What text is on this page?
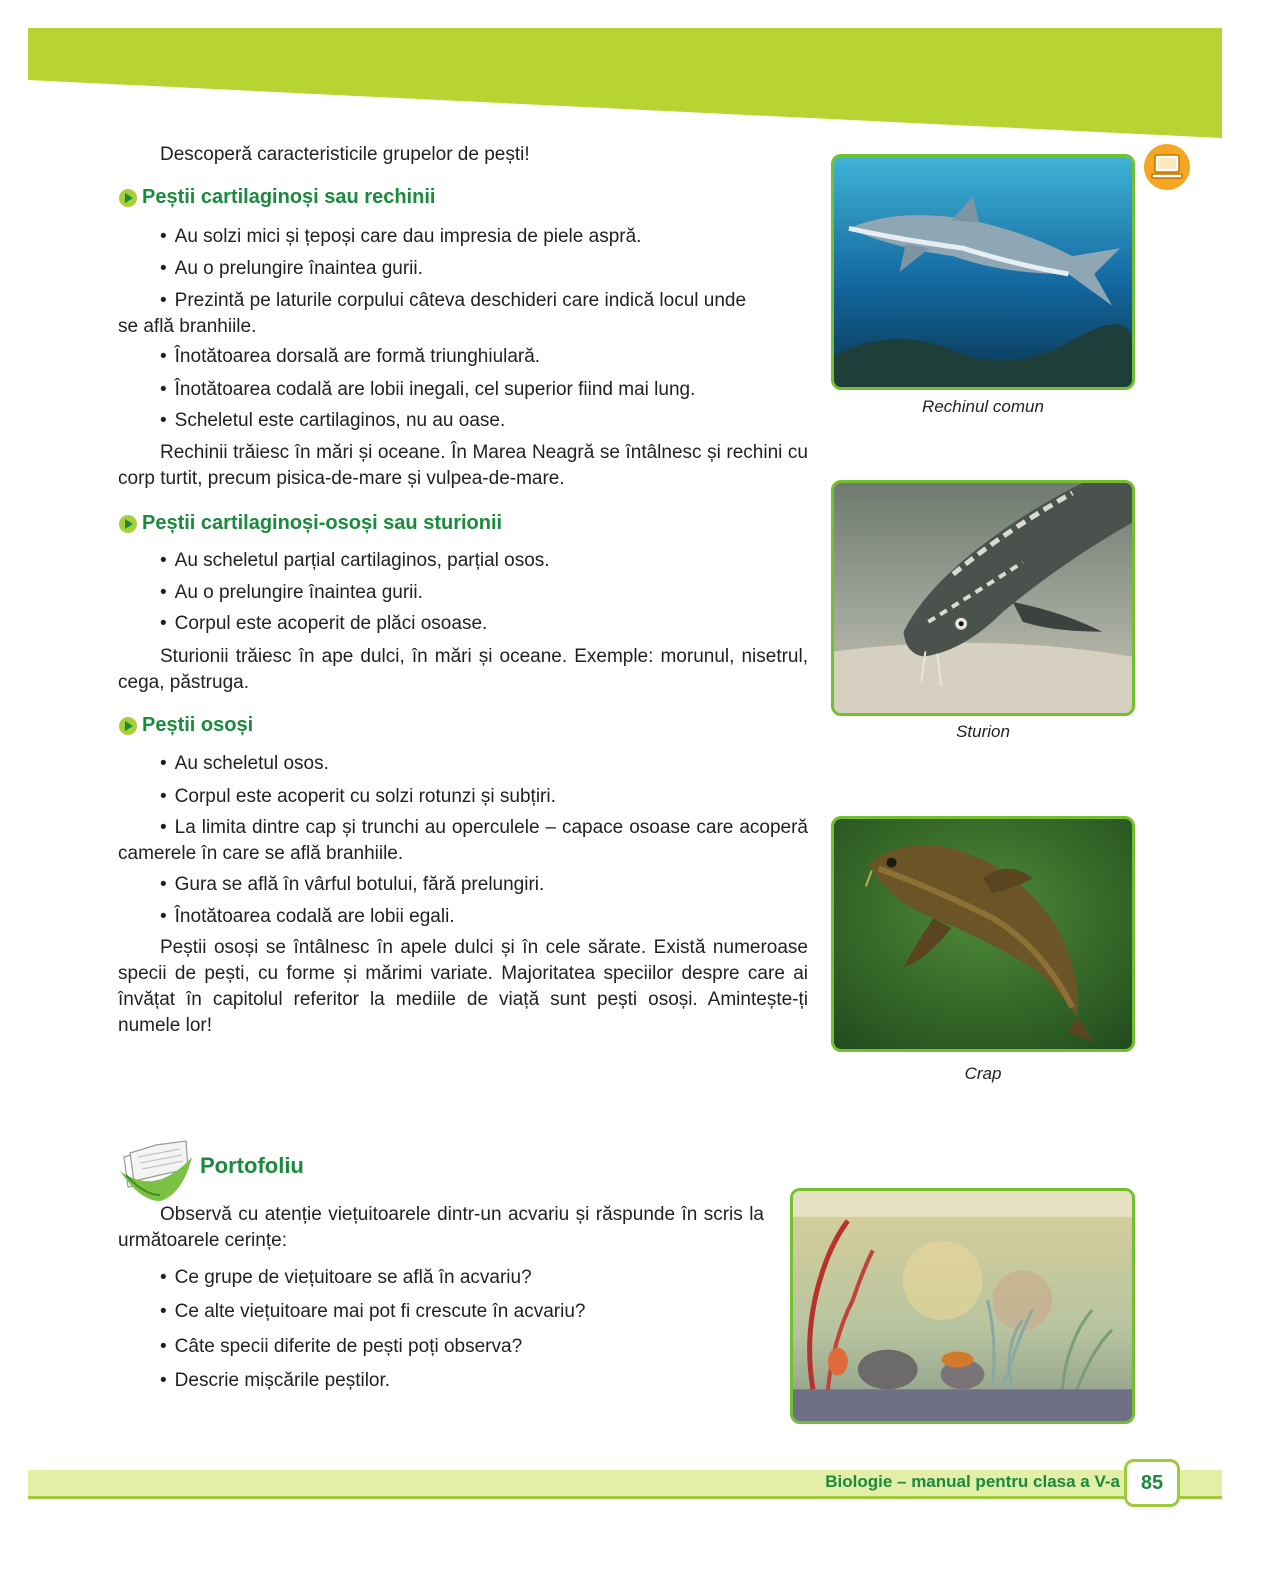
Descoperă caracteristicile grupelor de pești!

Peștii cartilaginoși sau rechinii

• Au solzi mici și țepoși care dau impresia de piele aspră.

• Au o prelungire înaintea gurii.

• Prezintă pe laturile corpului câteva deschideri care indică locul unde se află branhiile.

• Înotătoarea dorsală are formă triunghiulară.

• Înotătoarea codală are lobii inegali, cel superior fiind mai lung.

• Scheletul este cartilaginos, nu au oase.

Rechinii trăiesc în mări și oceane. În Marea Neagră se întâlnesc și rechini cu corp turtit, precum pisica-de-mare și vulpea-de-mare.

Peștii cartilaginoși-osoși sau sturionii

• Au scheletul parțial cartilaginos, parțial osos.

• Au o prelungire înaintea gurii.

• Corpul este acoperit de plăci osoase.

Sturionii trăiesc în ape dulci, în mări și oceane. Exemple: morunul, nisetrul, cega, păstruga.

Peștii osoși

• Au scheletul osos.

• Corpul este acoperit cu solzi rotunzi și subțiri.

• La limita dintre cap și trunchi au operculele – capace osoase care acoperă camerele în care se află branhiile.

• Gura se află în vârful botului, fără prelungiri.

• Înotătoarea codală are lobii egali.

Peștii osoși se întâlnesc în apele dulci și în cele sărate. Există numeroase specii de pești, cu forme și mărimi variate. Majoritatea speciilor despre care ai învățat în capitolul referitor la mediile de viață sunt pești osoși. Amintește-ți numele lor!

Rechinul comun
Sturion
Crap
Portofoliu

Observă cu atenție viețuitoarele dintr-un acvariu și răspunde în scris la următoarele cerințe:

• Ce grupe de viețuitoare se află în acvariu?

• Ce alte viețuitoare mai pot fi crescute în acvariu?

• Câte specii diferite de pești poți observa?

• Descrie mișcările peștilor.

Biologie – manual pentru clasa a V-a	85
